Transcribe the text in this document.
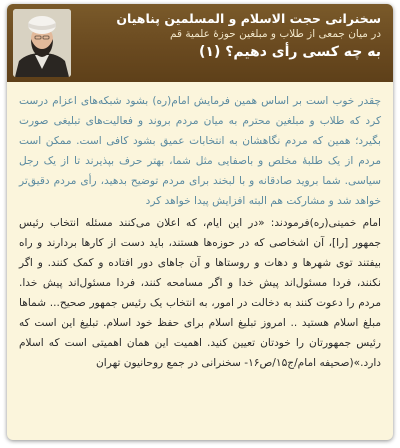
سخنرانی حجت الاسلام و المسلمین پناهیان
در میان جمعی از طلاب و مبلغین حوزۀ علمیة قم
به چه کسی رأی دهیم؟ (۱)

چقدر خوب است بر اساس همین فرمایش امام(ره) بشود شبکه‌های اعزام درست کرد که طلاب و مبلغین محترم به میان مردم بروند و فعالیت‌های تبلیغی صورت بگیرد؛ همین که مردم نگاهشان به انتخابات عمیق بشود کافی است. ممکن است مردم از یک طلبۀ مخلص و باصفایی مثل شما، بهتر حرف بپذیرند تا از یک رجل سیاسی. شما بروید صادقانه و با لبخند برای مردم توضیح بدهید، رأی مردم دقیق‌تر خواهد شد و مشارکت هم البته افزایش پیدا خواهد کرد

امام خمینی(ره)فرمودند: «در این ایام، که اعلان می‌کنند مسئله انتخاب رئیس جمهور [را]، آن اشخاصی که در حوزه‌ها هستند، باید دست از کارها بردارند و راه بیفتند توی شهرها و دهات و روستاها و آن جاهای دور افتاده و کمک کنند. و اگر نکنند، فردا مسئول‌اند پیش خدا و اگر مسامحه کنند، فردا مسئول‌اند پیش خدا. مردم را دعوت کنند به دخالت در امور، به انتخاب یک رئیس جمهور صحیح... شماها مبلغ اسلام هستید .. امروز تبلیغ اسلام برای حفظ خود اسلام. تبلیغ این است که رئیس جمهورتان را خودتان تعیین کنید. اهمیت این همان اهمیتی است که اسلام دارد.»(صحیفه امام/ج۱۵/ص۱۶- سخنرانی در جمع روحانیون تهران
